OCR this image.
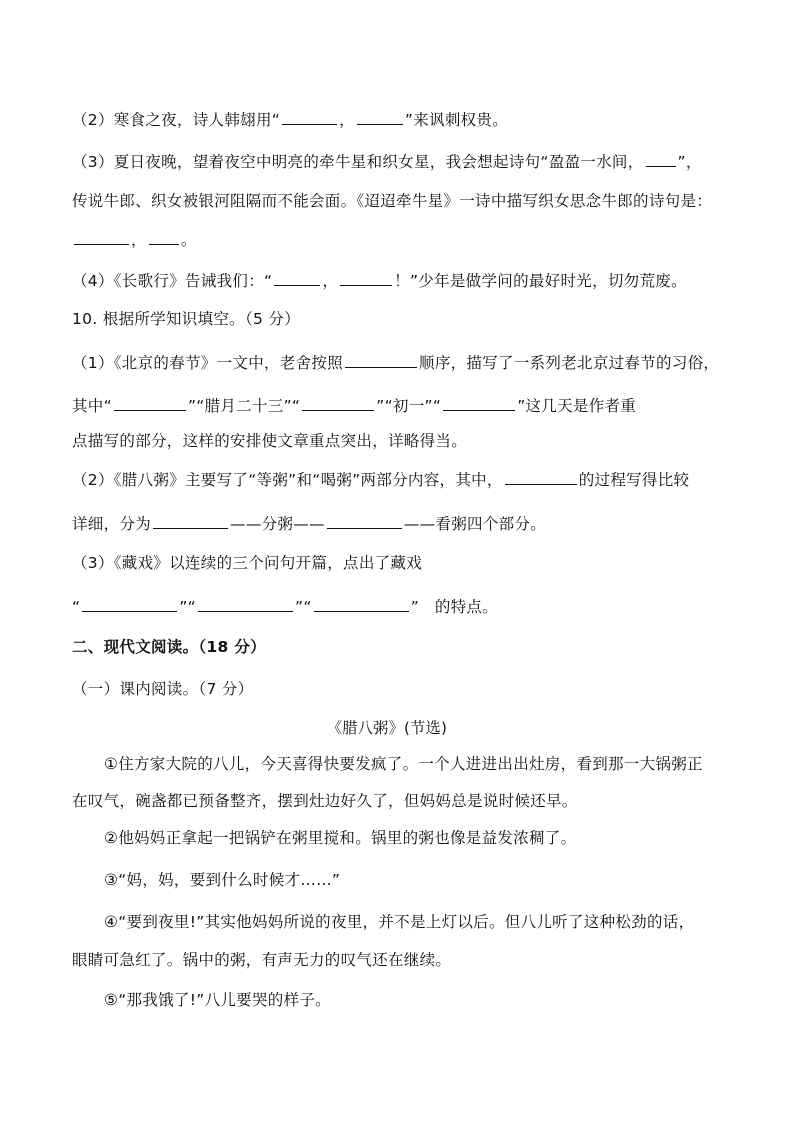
（2）寒食之夜，诗人韩翃用“	，	”来讽刺权贵。
（3）夏日夜晚，望着夜空中明亮的牵牛星和织女星，我会想起诗句“盈盈一水间， ”，
传说牛郎、织女被银河阻隔而不能会面。《迢迢牵牛星》一诗中描写织女思念牛郎的诗句是：
， 。
（4）《长歌行》告诫我们：“	，	！”少年是做学问的最好时光，切勿荒废。
10. 根据所学知识填空。（5 分）
（1）《北京的春节》一文中，老舍按照	顺序，描写了一系列老北京过春节的习俗，
其中“	”“腊月二十三”“	”“初一”“	”这几天是作者重
点描写的部分，这样的安排使文章重点突出，详略得当。
（2）《腊八粥》主要写了“等粥”和“喝粥”两部分内容，其中，	的过程写得比较
详细，分为	——分粥——	——看粥四个部分。
（3）《藏戏》以连续的三个问句开篇，点出了藏戏
“	”“	”“	”　的特点。
二、现代文阅读。（18 分）
（一）课内阅读。（7 分）
《腊八粥》(节选)
①住方家大院的八儿，今天喜得快要发疯了。一个人进进出出灶房，看到那一大锅粥正
在叹气，碗盏都已预备整齐，摆到灶边好久了，但妈妈总是说时候还早。
②他妈妈正拿起一把锅铲在粥里搅和。锅里的粥也像是益发浓稠了。
③“妈，妈，要到什么时候才……”
④“要到夜里!”其实他妈妈所说的夜里，并不是上灯以后。但八儿听了这种松劲的话，
眼睛可急红了。锅中的粥，有声无力的叹气还在继续。
⑤“那我饿了!”八儿要哭的样子。
